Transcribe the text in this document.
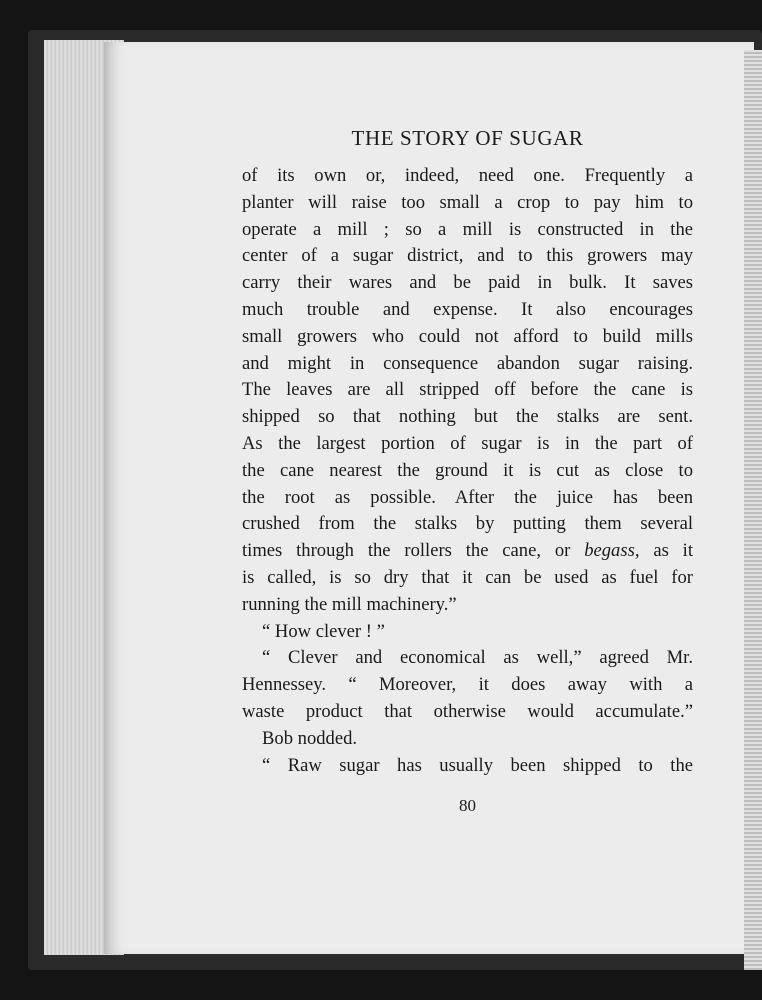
THE STORY OF SUGAR
of its own or, indeed, need one. Frequently a
planter will raise too small a crop to pay him to
operate a mill ; so a mill is constructed in the
center of a sugar district, and to this growers may
carry their wares and be paid in bulk. It saves
much trouble and expense. It also encourages
small growers who could not afford to build mills
and might in consequence abandon sugar raising.
The leaves are all stripped off before the cane is
shipped so that nothing but the stalks are sent.
As the largest portion of sugar is in the part of
the cane nearest the ground it is cut as close to
the root as possible. After the juice has been
crushed from the stalks by putting them several
times through the rollers the cane, or begass, as it
is called, is so dry that it can be used as fuel for
running the mill machinery.”
“ How clever ! ”
“ Clever and economical as well,” agreed Mr.
Hennessey. “ Moreover, it does away with a
waste product that otherwise would accumulate.”
Bob nodded.
“ Raw sugar has usually been shipped to the
80
